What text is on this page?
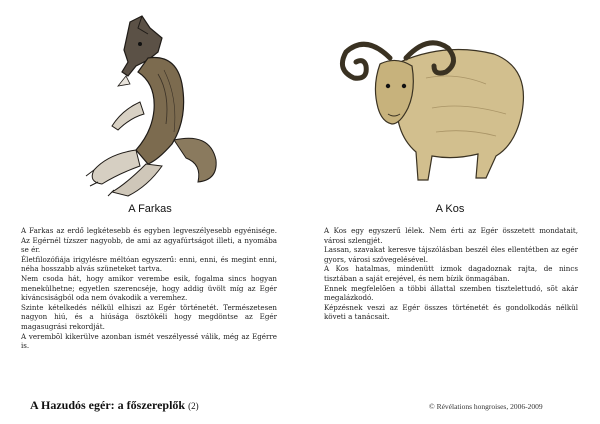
A Farkas

A Farkas az erdő legkétesebb és egyben legveszélyesebb egyénisége. Az Egérnél tízszer nagyobb, de ami az agyafúrtságot illeti, a nyomába se ér.

Életfilozófiája irigylésre méltóan egyszerű: enni, enni, és megint enni, néha hosszabb alvás szüneteket tartva.

Nem csoda hát, hogy amikor verembe esik, fogalma sincs hogyan menekülhetne; egyetlen szerencséje, hogy addig üvölt míg az Egér kíváncsiságból oda nem óvakodik a veremhez.

Szinte kételkedés nélkül elhiszi az Egér történetét. Természetesen nagyon hiú, és a hiúsága ösztökéli hogy megdöntse az Egér magasugrási rekordját.

A verembõl kikerülve azonban ismét veszélyessé válik, még az Egérre is.

A Kos

A Kos egy egyszerű lélek. Nem érti az Egér összetett mondatait, városi szlengjét.

Lassan, szavakat keresve tájszólásban beszél éles ellentétben az egér gyors, városi szövegelésével.

A Kos hatalmas, mindenütt izmok dagadoznak rajta, de nincs tisztában a saját erejével, és nem bízik önmagában.

Ennek megfelelõen a többi állattal szemben tisztelettudó, sõt akár megalázkodó.

Képzésnek veszi az Egér összes történetét és gondolkodás nélkül követi a tanácsait.

A Hazudós egér: a főszereplők (2)	© Révélations hongroises, 2006-2009
